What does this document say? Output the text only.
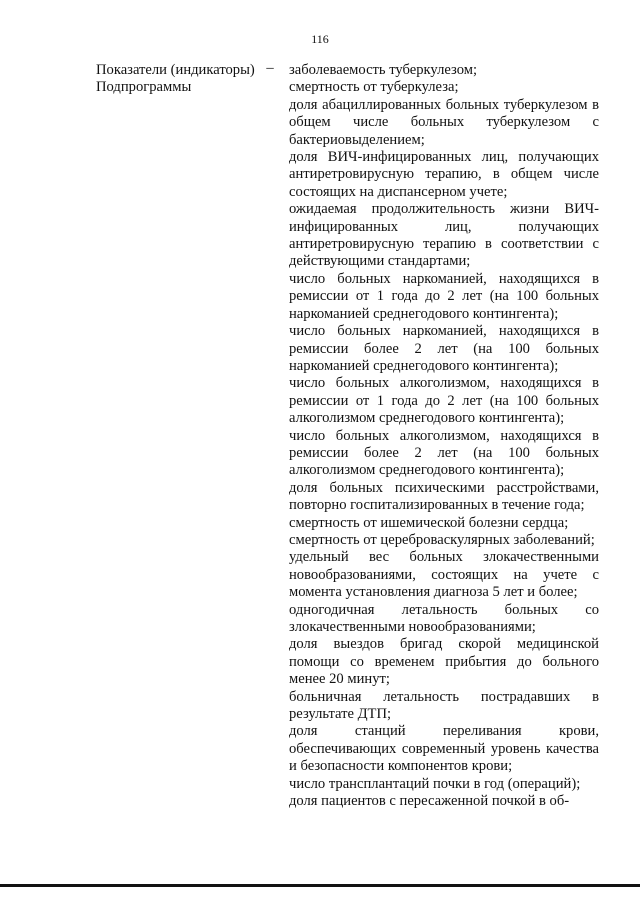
116
Показатели (индикаторы) Подпрограммы
– заболеваемость туберкулезом;

смертность от туберкулеза;

доля абациллированных больных туберкулезом в общем числе больных туберкулезом с бактериовыделением;

доля ВИЧ-инфицированных лиц, получающих антиретровирусную терапию, в общем числе состоящих на диспансерном учете;

ожидаемая продолжительность жизни ВИЧ-инфицированных лиц, получающих антиретровирусную терапию в соответствии с действующими стандартами;

число больных наркоманией, находящихся в ремиссии от 1 года до 2 лет (на 100 больных наркоманией среднегодового контингента);

число больных наркоманией, находящихся в ремиссии более 2 лет (на 100 больных наркоманией среднегодового контингента);

число больных алкоголизмом, находящихся в ремиссии от 1 года до 2 лет (на 100 больных алкоголизмом среднегодового контингента);

число больных алкоголизмом, находящихся в ремиссии более 2 лет (на 100 больных алкоголизмом среднегодового контингента);

доля больных психическими расстройствами, повторно госпитализированных в течение года;

смертность от ишемической болезни сердца;

смертность от цереброваскулярных заболеваний;

удельный вес больных злокачественными новообразованиями, состоящих на учете с момента установления диагноза 5 лет и более;

одногодичная летальность больных со злокачественными новообразованиями;

доля выездов бригад скорой медицинской помощи со временем прибытия до больного менее 20 минут;

больничная летальность пострадавших в результате ДТП;

доля станций переливания крови, обеспечивающих современный уровень качества и безопасности компонентов крови;

число трансплантаций почки в год (операций);

доля пациентов с пересаженной почкой в об-
